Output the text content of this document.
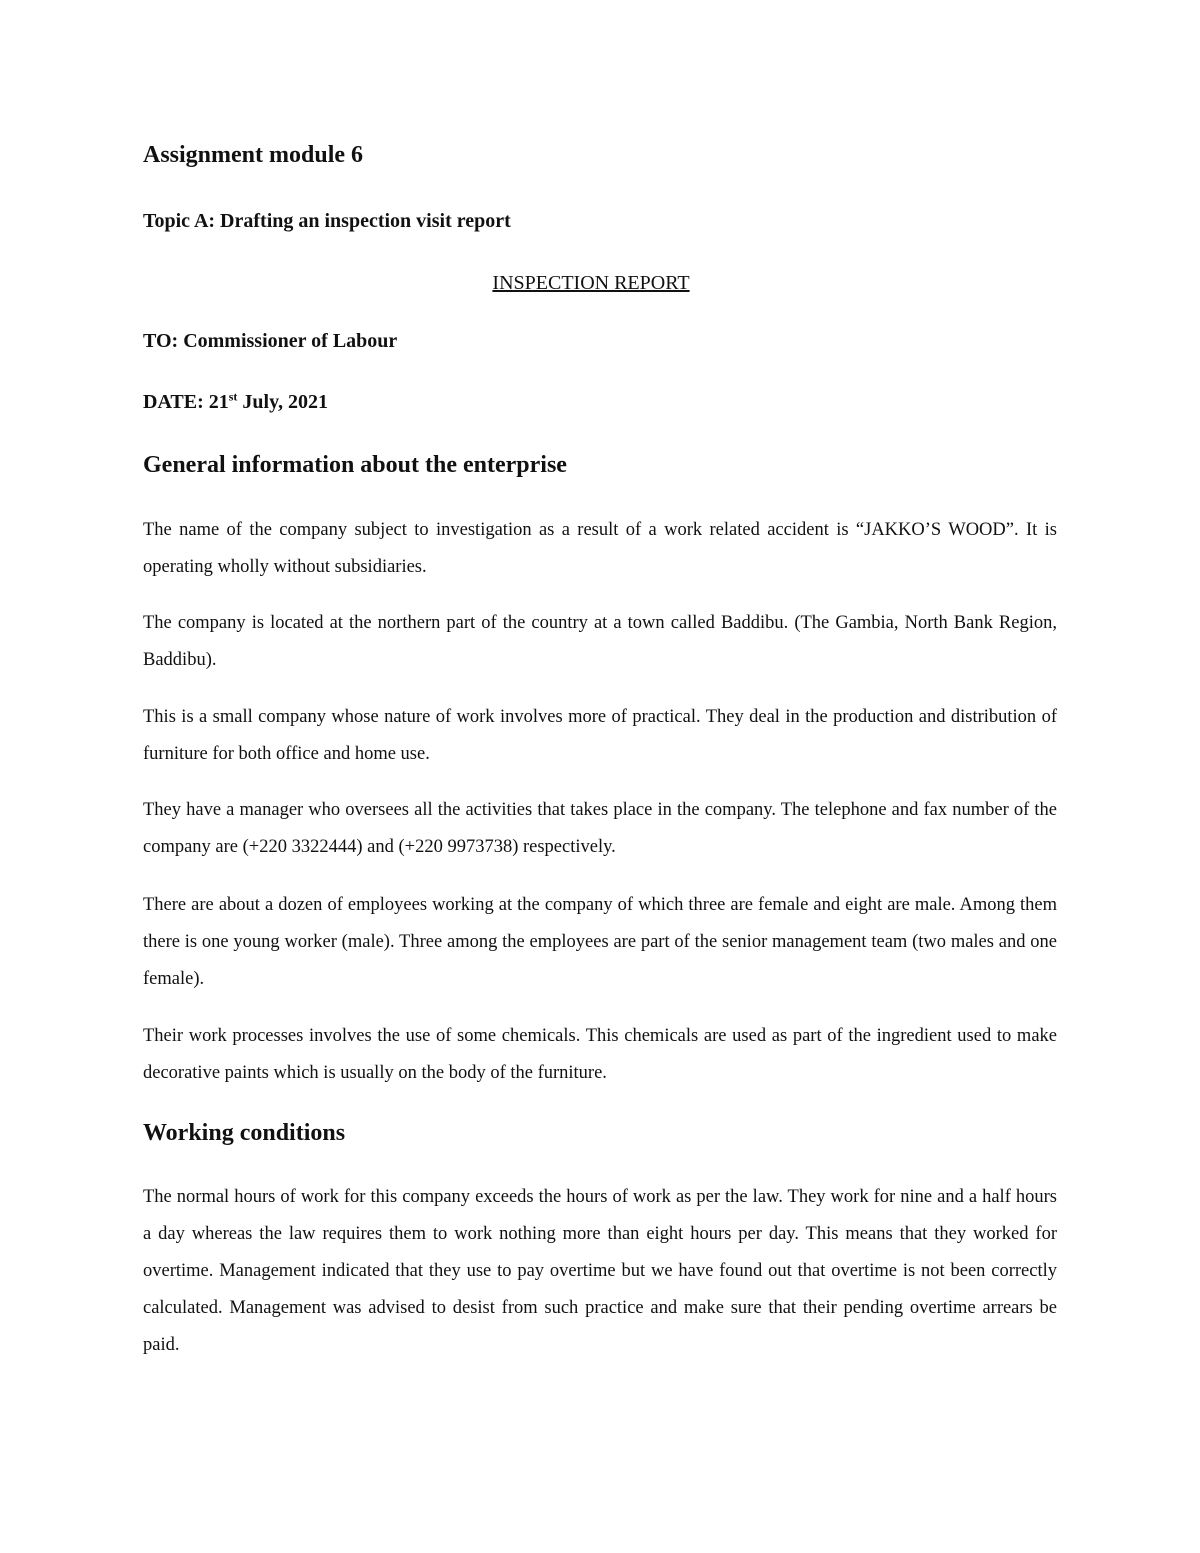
Assignment module 6
Topic A: Drafting an inspection visit report
INSPECTION REPORT
TO: Commissioner of Labour
DATE: 21st July, 2021
General information about the enterprise

The name of the company subject to investigation as a result of a work related accident is “JAKKO’S WOOD”. It is operating wholly without subsidiaries.

The company is located at the northern part of the country at a town called Baddibu. (The Gambia, North Bank Region, Baddibu).

This is a small company whose nature of work involves more of practical. They deal in the production and distribution of furniture for both office and home use.

They have a manager who oversees all the activities that takes place in the company. The telephone and fax number of the company are (+220 3322444) and (+220 9973738) respectively.

There are about a dozen of employees working at the company of which three are female and eight are male. Among them there is one young worker (male). Three among the employees are part of the senior management team (two males and one female).

Their work processes involves the use of some chemicals. This chemicals are used as part of the ingredient used to make decorative paints which is usually on the body of the furniture.

Working conditions

The normal hours of work for this company exceeds the hours of work as per the law. They work for nine and a half hours a day whereas the law requires them to work nothing more than eight hours per day. This means that they worked for overtime. Management indicated that they use to pay overtime but we have found out that overtime is not been correctly calculated. Management was advised to desist from such practice and make sure that their pending overtime arrears be paid.
